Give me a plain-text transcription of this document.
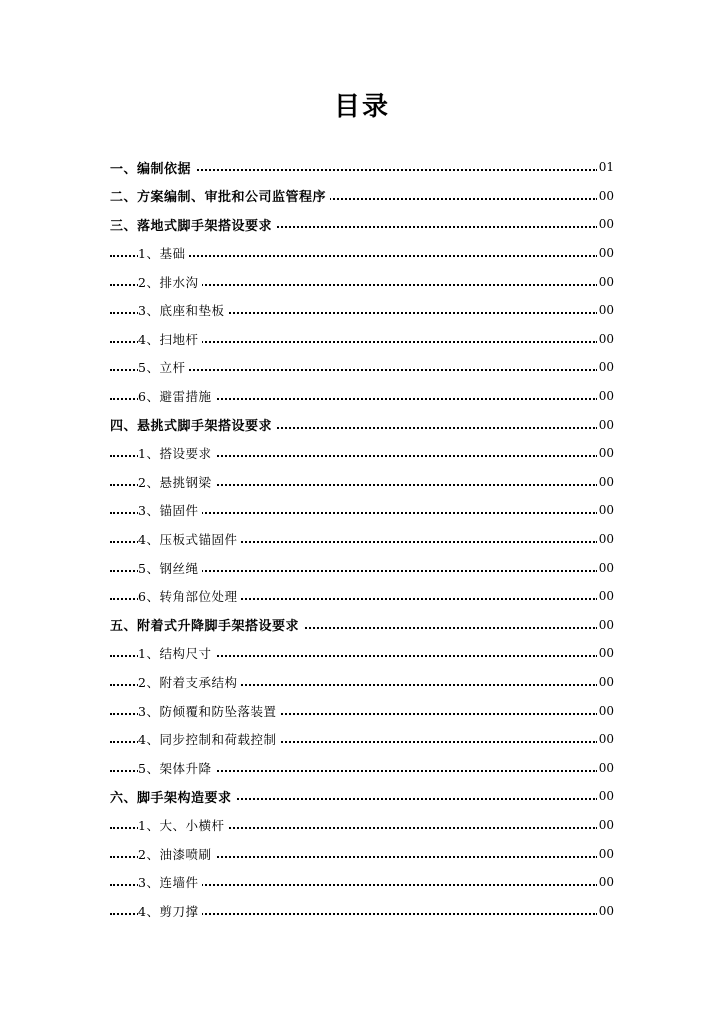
目录
一、编制依据	01
二、方案编制、审批和公司监管程序	00
三、落地式脚手架搭设要求	00
1、基础	00
2、排水沟	00
3、底座和垫板	00
4、扫地杆	00
5、立杆	00
6、避雷措施	00
四、悬挑式脚手架搭设要求	00
1、搭设要求	00
2、悬挑钢梁	00
3、锚固件	00
4、压板式锚固件	00
5、钢丝绳	00
6、转角部位处理	00
五、附着式升降脚手架搭设要求	00
1、结构尺寸	00
2、附着支承结构	00
3、防倾覆和防坠落装置	00
4、同步控制和荷载控制	00
5、架体升降	00
六、脚手架构造要求	00
1、大、小横杆	00
2、油漆喷刷	00
3、连墙件	00
4、剪刀撑	00
